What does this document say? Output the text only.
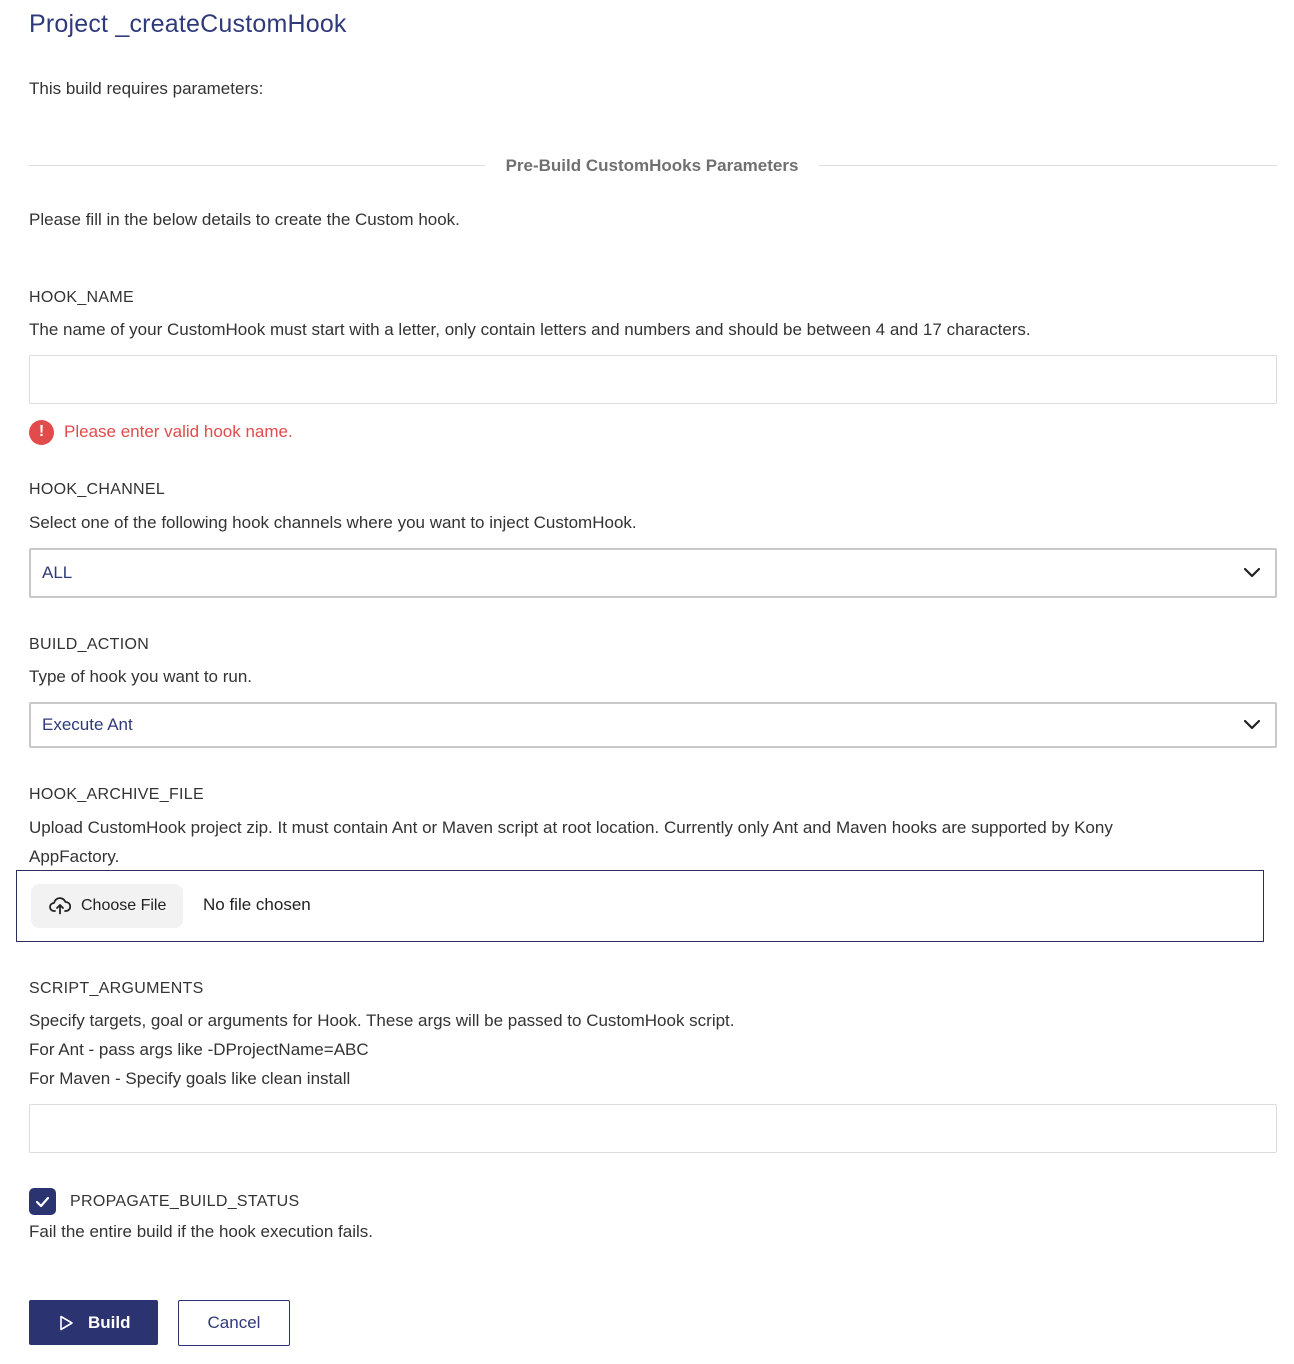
Project _createCustomHook
This build requires parameters:
Pre-Build CustomHooks Parameters
Please fill in the below details to create the Custom hook.
HOOK_NAME
The name of your CustomHook must start with a letter, only contain letters and numbers and should be between 4 and 17 characters.
!	Please enter valid hook name.
HOOK_CHANNEL
Select one of the following hook channels where you want to inject CustomHook.
ALL
BUILD_ACTION
Type of hook you want to run.
Execute Ant
HOOK_ARCHIVE_FILE
Upload CustomHook project zip. It must contain Ant or Maven script at root location. Currently only Ant and Maven hooks are supported by Kony
AppFactory.
Choose File No file chosen
SCRIPT_ARGUMENTS
Specify targets, goal or arguments for Hook. These args will be passed to CustomHook script.
For Ant - pass args like -DProjectName=ABC
For Maven - Specify goals like clean install
PROPAGATE_BUILD_STATUS
Fail the entire build if the hook execution fails.
Build	Cancel
